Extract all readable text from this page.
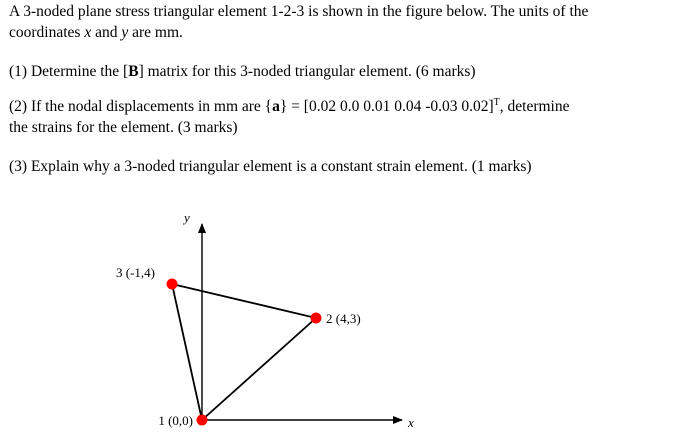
A 3-noded plane stress triangular element 1-2-3 is shown in the figure below. The units of the
coordinates x and y are mm.

(1) Determine the [B] matrix for this 3-noded triangular element. (6 marks)

(2) If the nodal displacements in mm are {a} = [0.02 0.0 0.01 0.04 -0.03 0.02]$^T$, determine
the strains for the element. (3 marks)

(3) Explain why a 3-noded triangular element is a constant strain element. (1 marks)

y
x
1 (0,0)
2 (4,3)
3 (-1,4)
